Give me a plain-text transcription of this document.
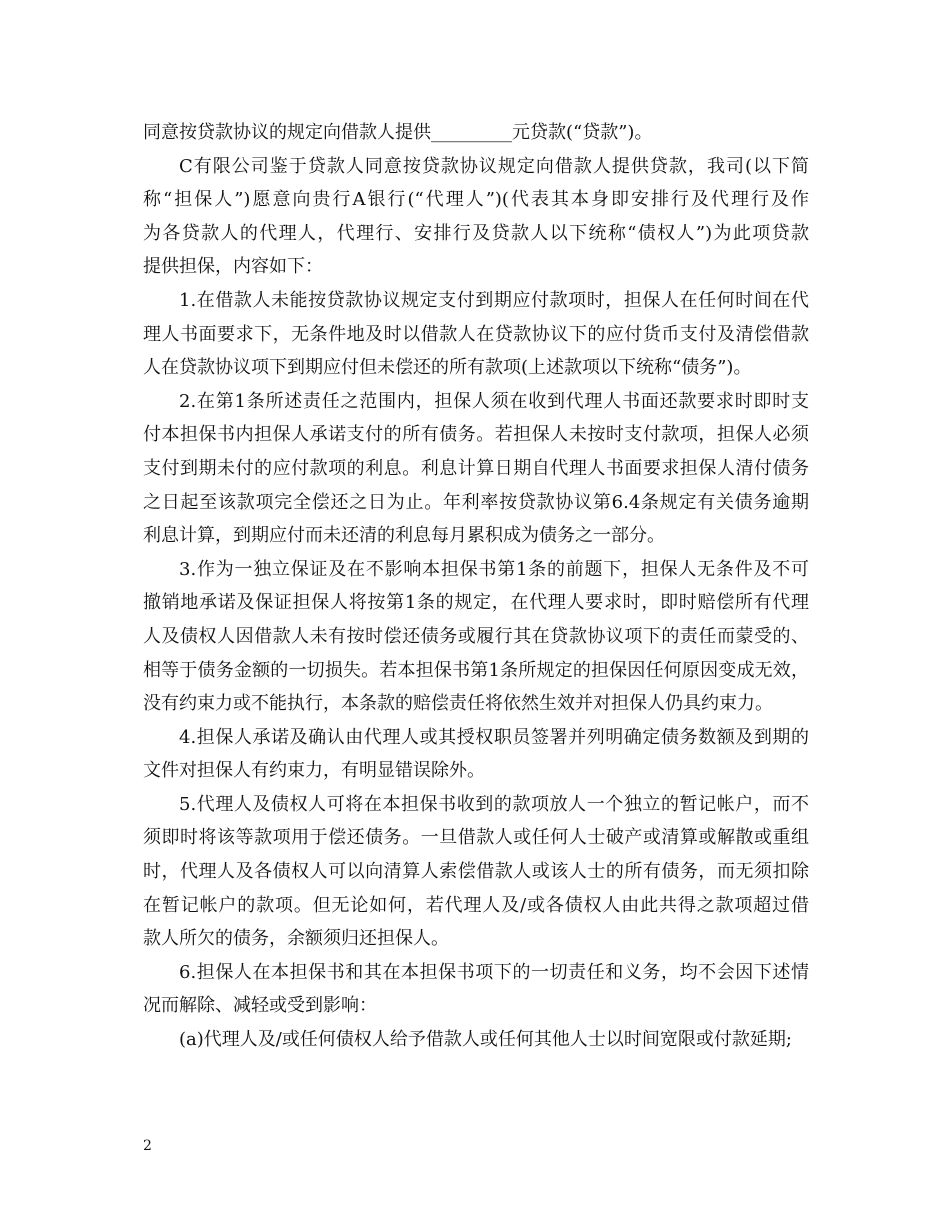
同意按贷款协议的规定向借款人提供_________元贷款(“贷款”)。
C有限公司鉴于贷款人同意按贷款协议规定向借款人提供贷款，我司(以下简
称“担保人”)愿意向贵行A银行(“代理人”)(代表其本身即安排行及代理行及作
为各贷款人的代理人，代理行、安排行及贷款人以下统称“债权人”)为此项贷款
提供担保，内容如下：
1.在借款人未能按贷款协议规定支付到期应付款项时，担保人在任何时间在代
理人书面要求下，无条件地及时以借款人在贷款协议下的应付货币支付及清偿借款
人在贷款协议项下到期应付但未偿还的所有款项(上述款项以下统称“债务”)。
2.在第1条所述责任之范围内，担保人须在收到代理人书面还款要求时即时支
付本担保书内担保人承诺支付的所有债务。若担保人未按时支付款项，担保人必须
支付到期未付的应付款项的利息。利息计算日期自代理人书面要求担保人清付债务
之日起至该款项完全偿还之日为止。年利率按贷款协议第6.4条规定有关债务逾期
利息计算，到期应付而未还清的利息每月累积成为债务之一部分。
3.作为一独立保证及在不影响本担保书第1条的前题下，担保人无条件及不可
撤销地承诺及保证担保人将按第1条的规定，在代理人要求时，即时赔偿所有代理
人及债权人因借款人未有按时偿还债务或履行其在贷款协议项下的责任而蒙受的、
相等于债务金额的一切损失。若本担保书第1条所规定的担保因任何原因变成无效，
没有约束力或不能执行，本条款的赔偿责任将依然生效并对担保人仍具约束力。
4.担保人承诺及确认由代理人或其授权职员签署并列明确定债务数额及到期的
文件对担保人有约束力，有明显错误除外。
5.代理人及债权人可将在本担保书收到的款项放人一个独立的暂记帐户，而不
须即时将该等款项用于偿还债务。一旦借款人或任何人士破产或清算或解散或重组
时，代理人及各债权人可以向清算人索偿借款人或该人士的所有债务，而无须扣除
在暂记帐户的款项。但无论如何，若代理人及/或各债权人由此共得之款项超过借
款人所欠的债务，余额须归还担保人。
6.担保人在本担保书和其在本担保书项下的一切责任和义务，均不会因下述情
况而解除、减轻或受到影响：
(a)代理人及/或任何债权人给予借款人或任何其他人士以时间宽限或付款延期;
2
